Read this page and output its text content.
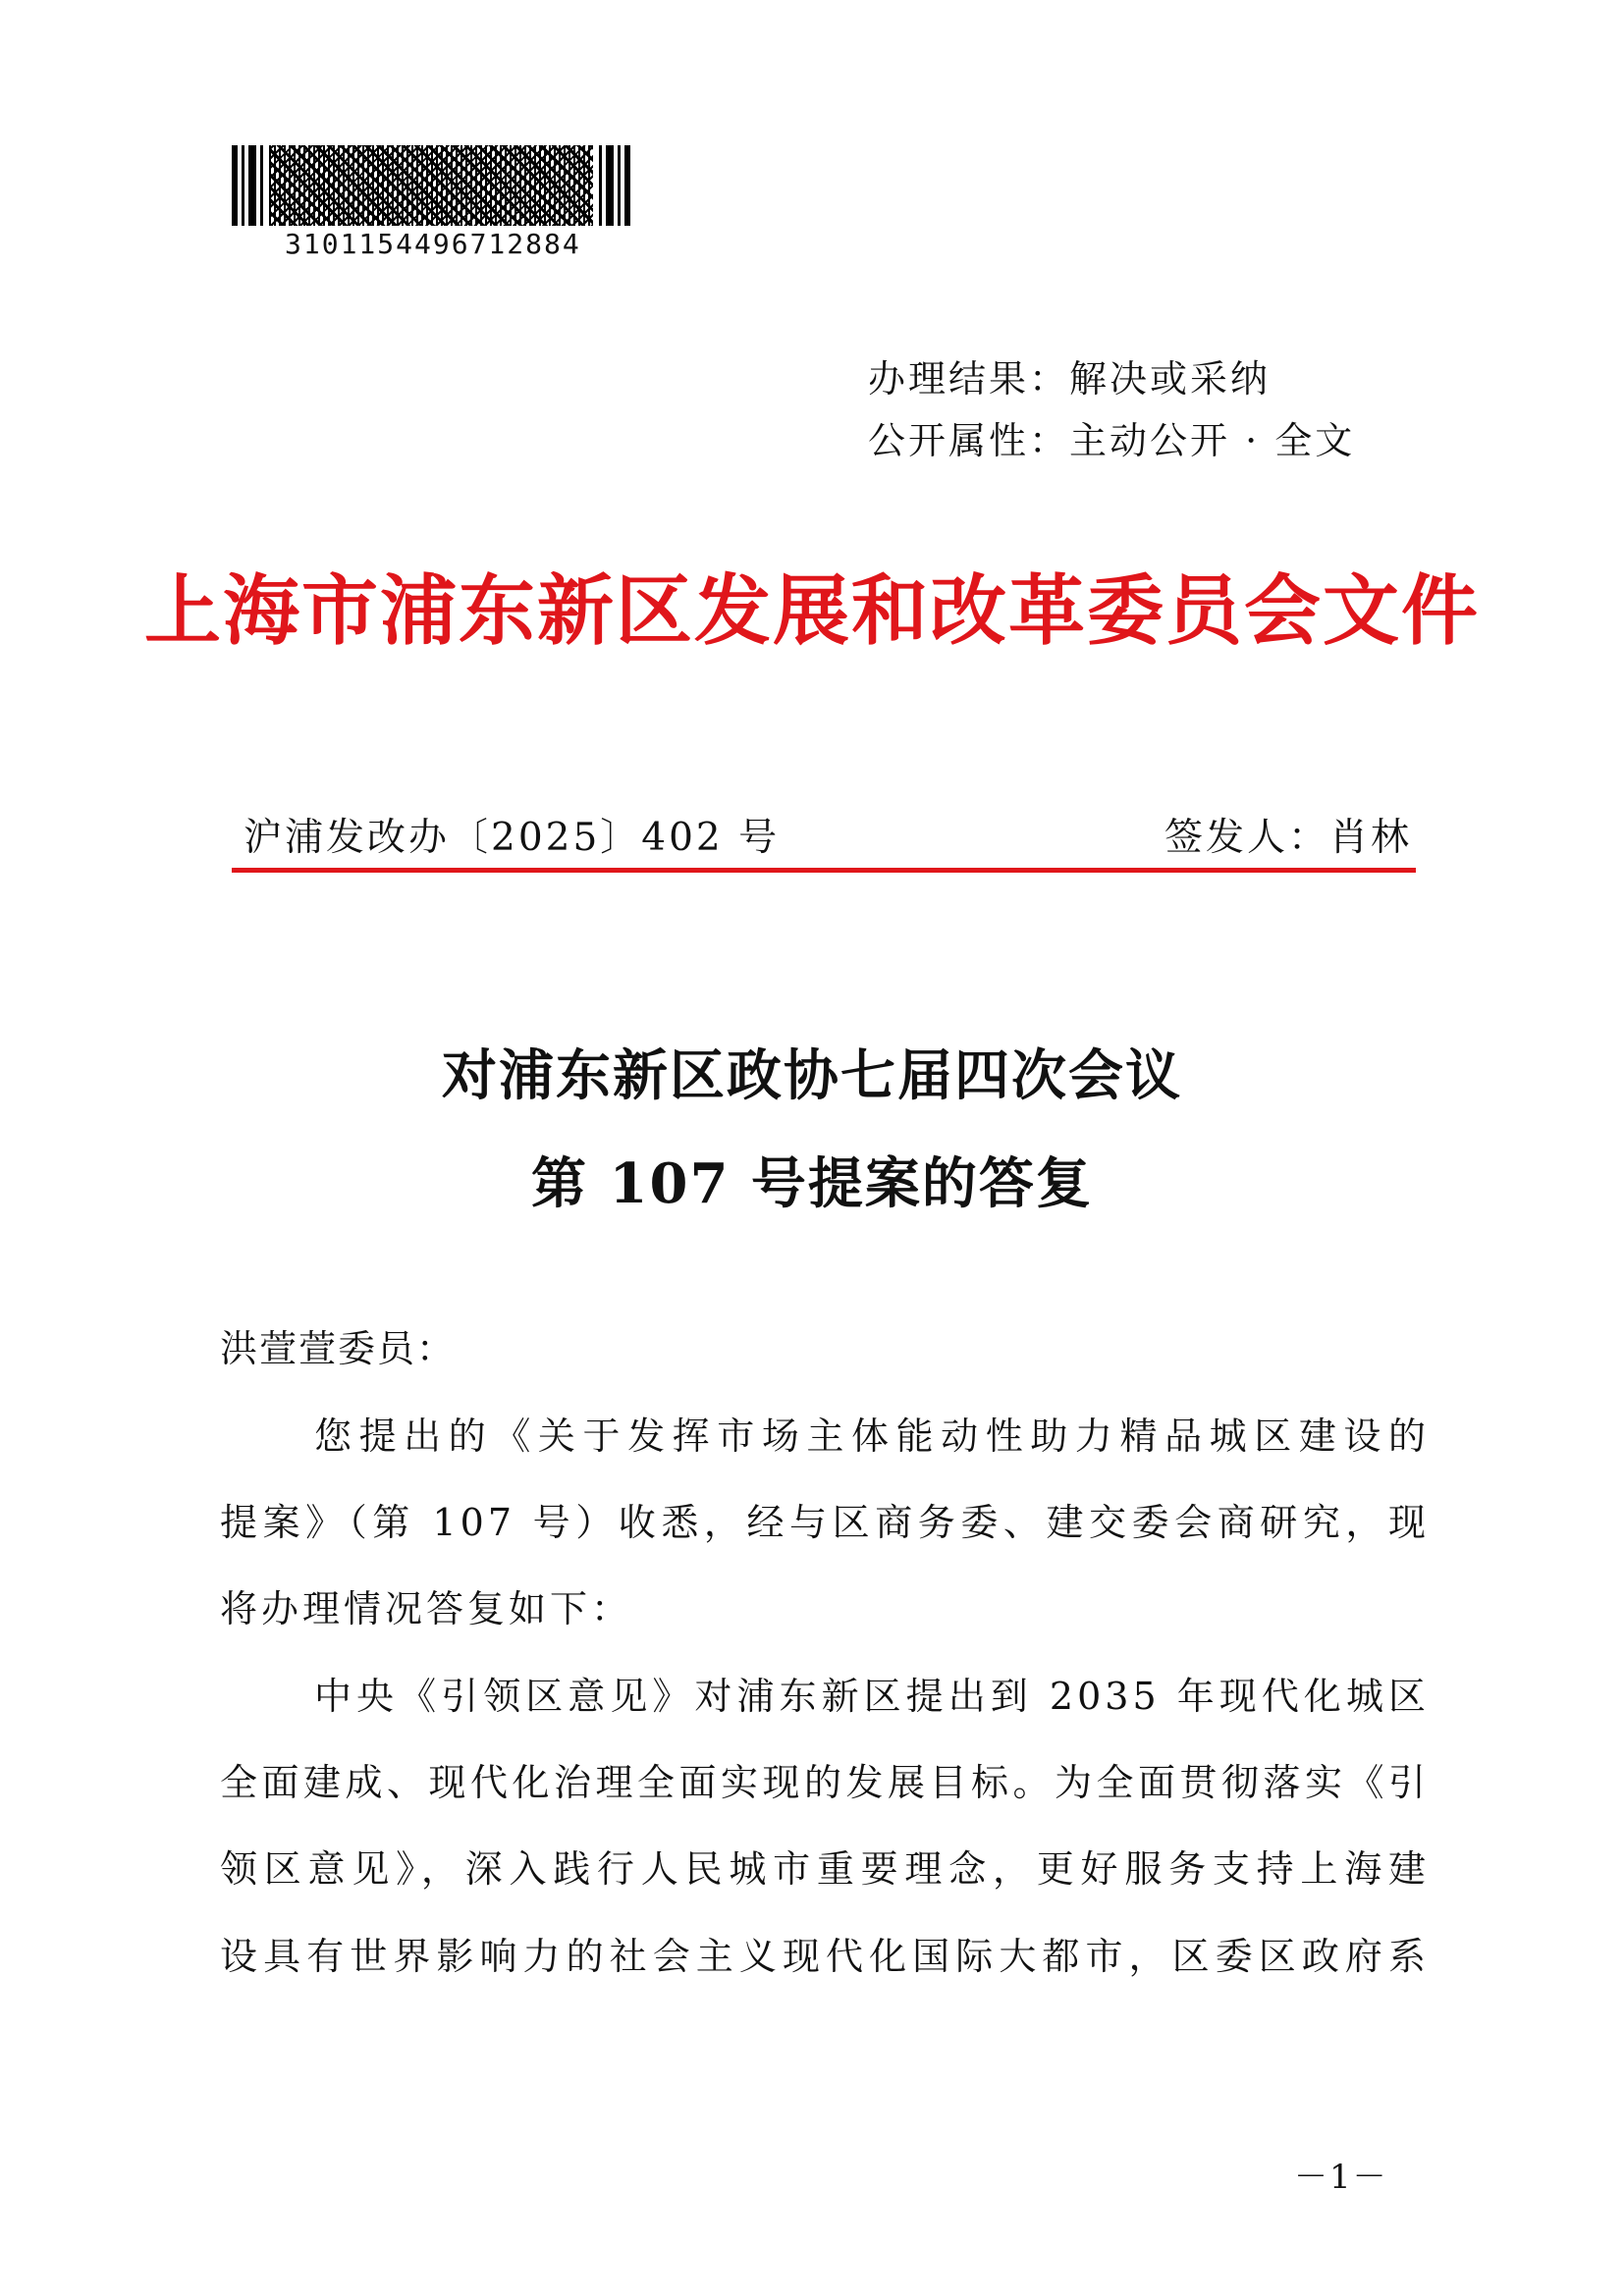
3101154496712884
办理结果：解决或采纳
公开属性：主动公开 · 全文
上海市浦东新区发展和改革委员会文件
沪浦发改办〔2025〕402 号	签发人：肖林
对浦东新区政协七届四次会议
第 107 号提案的答复
洪萱萱委员：
您提出的《关于发挥市场主体能动性助力精品城区建设的
提案》（第 107 号）收悉，经与区商务委、建交委会商研究，现
将办理情况答复如下：
中央《引领区意见》对浦东新区提出到 2035 年现代化城区
全面建成、现代化治理全面实现的发展目标。为全面贯彻落实《引
领区意见》，深入践行人民城市重要理念，更好服务支持上海建
设具有世界影响力的社会主义现代化国际大都市，区委区政府系
－1－
